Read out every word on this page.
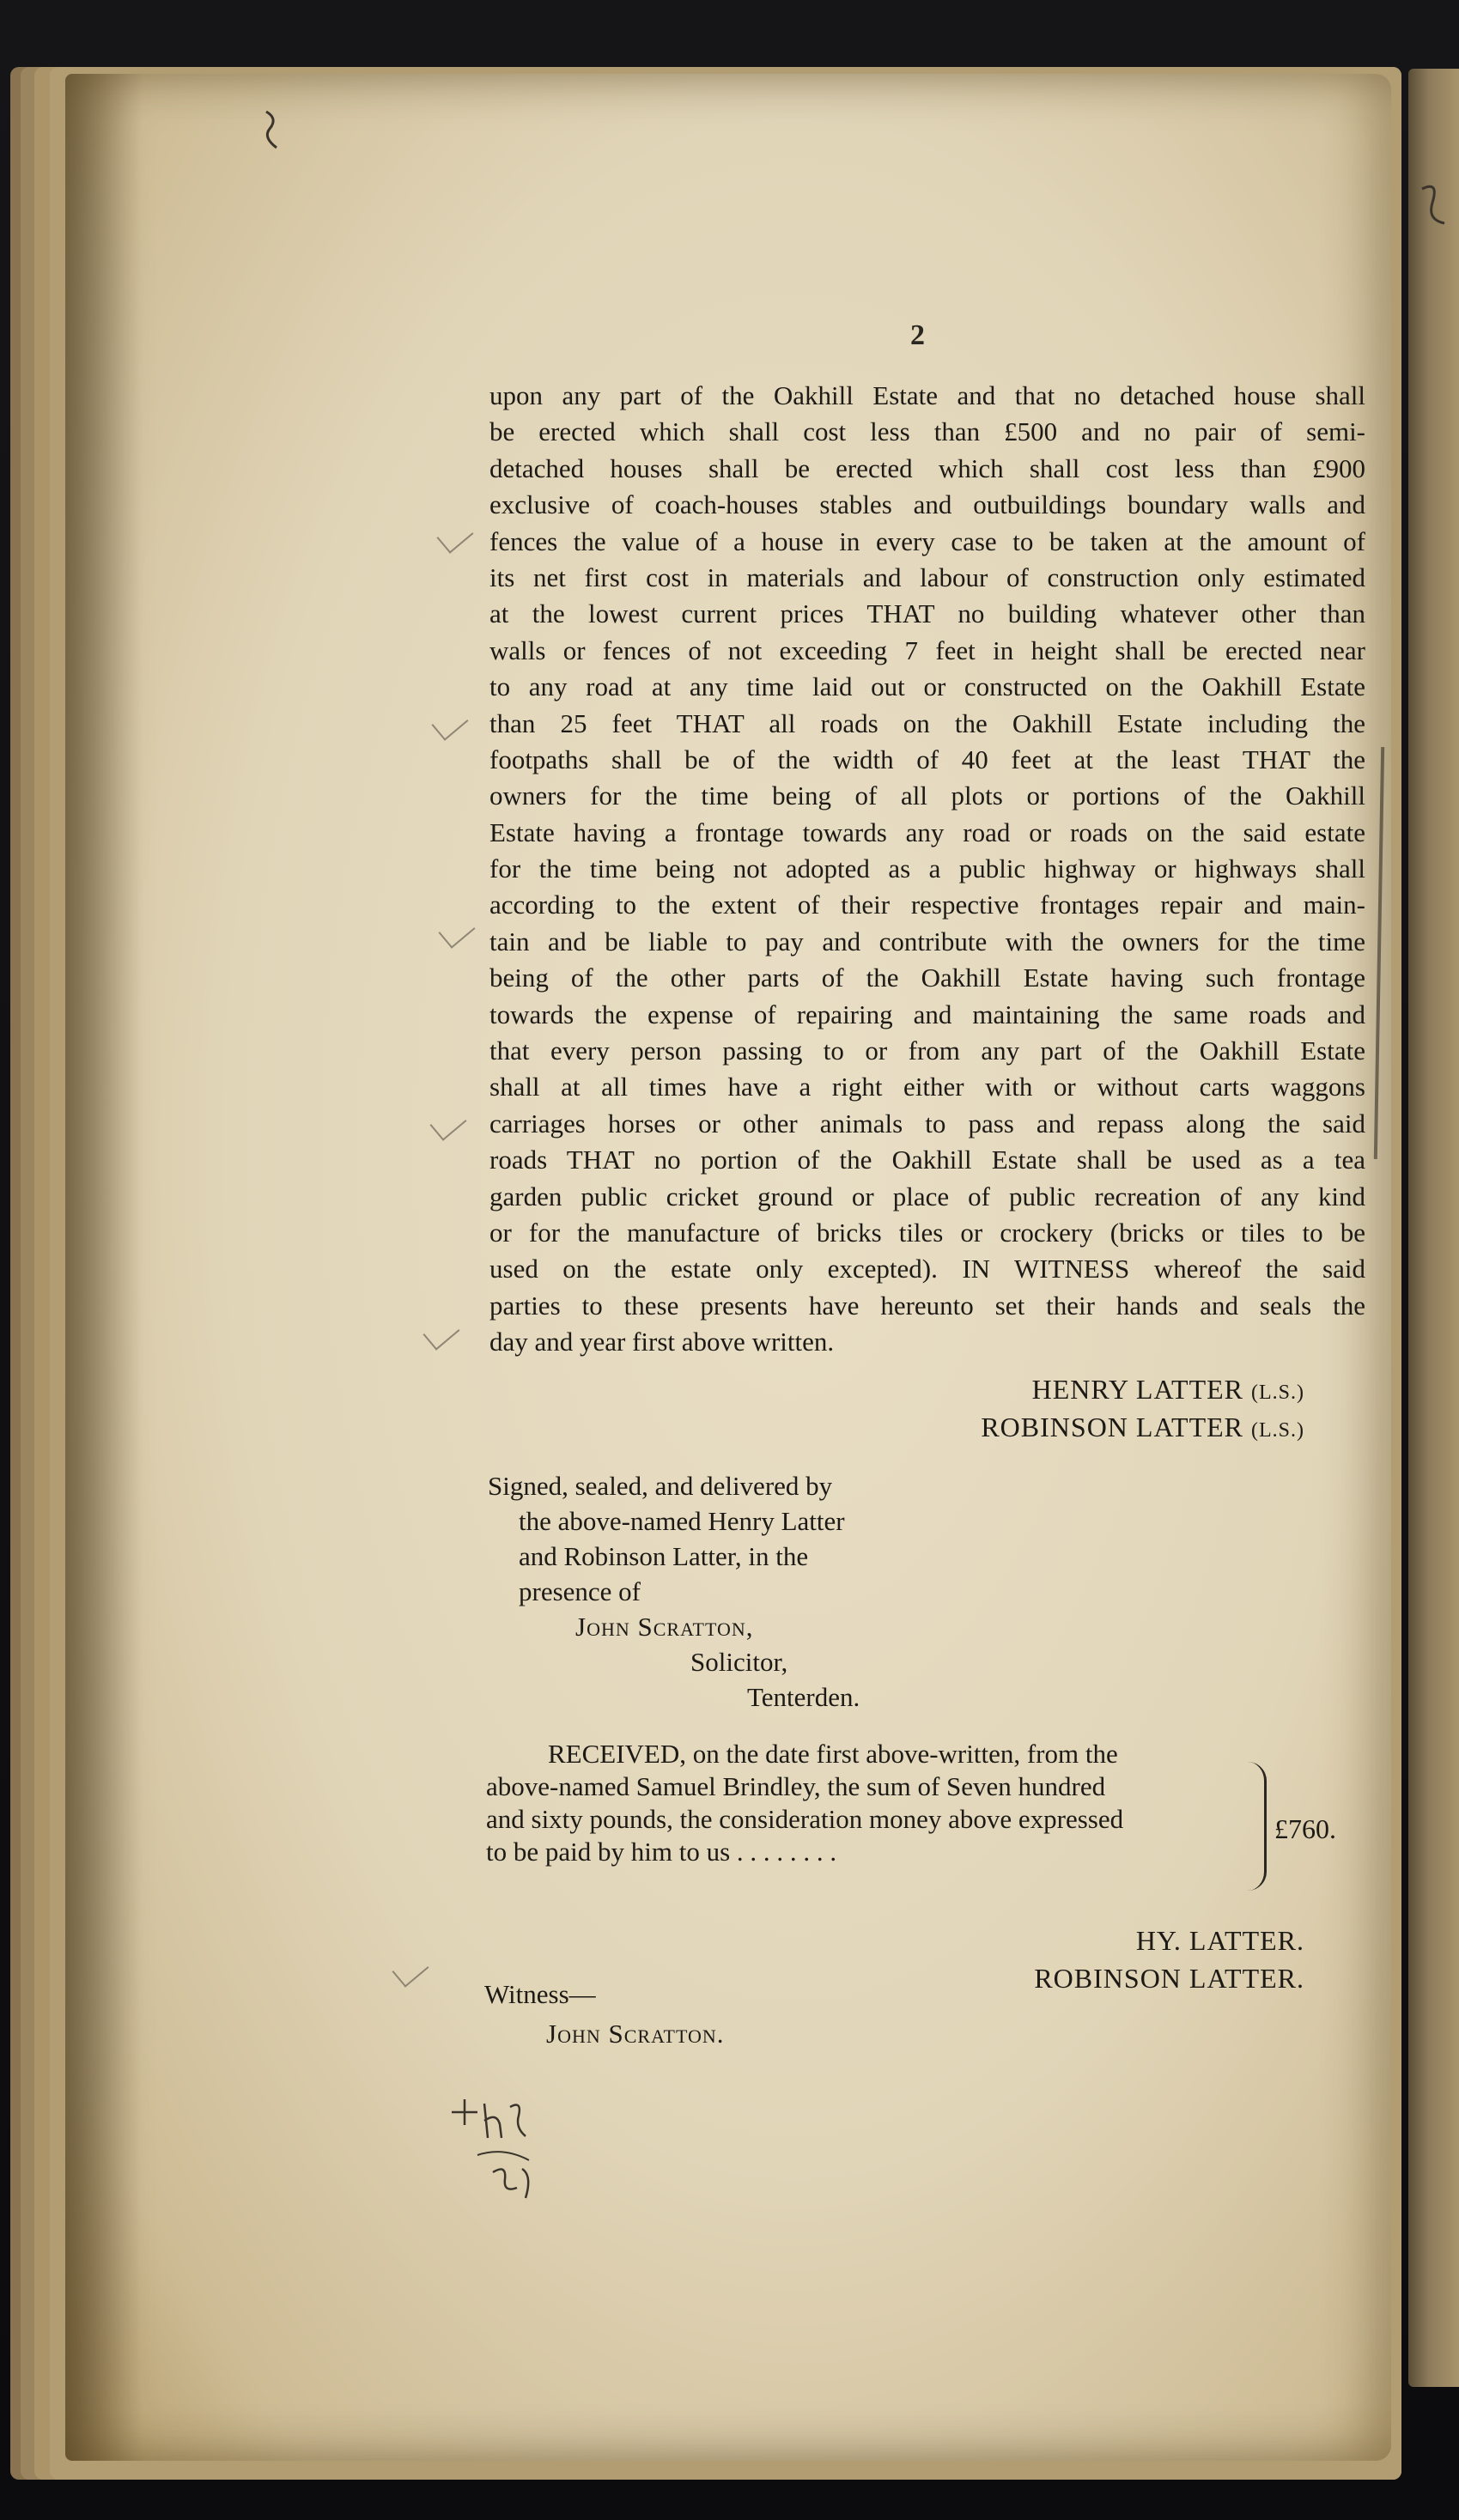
2
upon any part of the Oakhill Estate and that no detached house shall
be erected which shall cost less than £500 and no pair of semi-
detached houses shall be erected which shall cost less than £900
exclusive of coach-houses stables and outbuildings boundary walls and
fences the value of a house in every case to be taken at the amount of
its net first cost in materials and labour of construction only estimated
at the lowest current prices THAT no building whatever other than
walls or fences of not exceeding 7 feet in height shall be erected near
to any road at any time laid out or constructed on the Oakhill Estate
than 25 feet THAT all roads on the Oakhill Estate including the
footpaths shall be of the width of 40 feet at the least THAT the
owners for the time being of all plots or portions of the Oakhill
Estate having a frontage towards any road or roads on the said estate
for the time being not adopted as a public highway or highways shall
according to the extent of their respective frontages repair and main-
tain and be liable to pay and contribute with the owners for the time
being of the other parts of the Oakhill Estate having such frontage
towards the expense of repairing and maintaining the same roads and
that every person passing to or from any part of the Oakhill Estate
shall at all times have a right either with or without carts waggons
carriages horses or other animals to pass and repass along the said
roads THAT no portion of the Oakhill Estate shall be used as a tea
garden public cricket ground or place of public recreation of any kind
or for the manufacture of bricks tiles or crockery (bricks or tiles to be
used on the estate only excepted). IN WITNESS whereof the said
parties to these presents have hereunto set their hands and seals the
day and year first above written.
HENRY LATTER (L.S.)
ROBINSON LATTER (L.S.)
Signed, sealed, and delivered by
the above-named Henry Latter
and Robinson Latter, in the
presence of
John Scratton,
Solicitor,
Tenterden.
RECEIVED, on the date first above-written, from the
above-named Samuel Brindley, the sum of Seven hundred
and sixty pounds, the consideration money above expressed
to be paid by him to us . . . . . . . .
£760.
HY. LATTER.
ROBINSON LATTER.
Witness—
John Scratton.
